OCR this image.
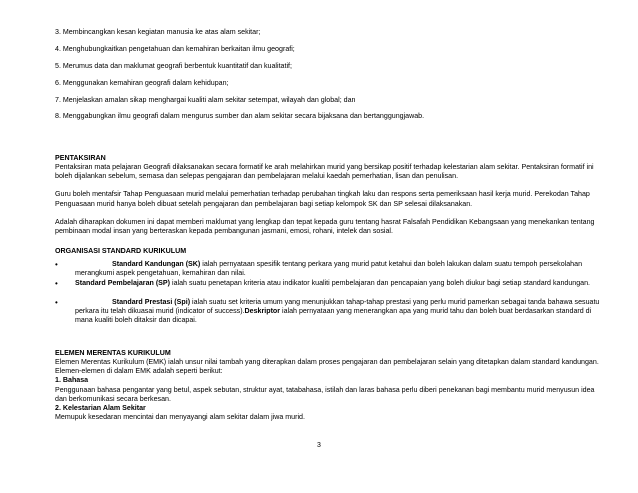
3. Membincangkan kesan kegiatan manusia ke atas alam sekitar;
4. Menghubungkaitkan pengetahuan dan kemahiran berkaitan ilmu geografi;
5. Merumus data dan maklumat geografi berbentuk kuantitatif dan kualitatif;
6. Menggunakan kemahiran geografi dalam kehidupan;
7. Menjelaskan amalan sikap menghargai kualiti alam sekitar setempat, wilayah dan global; dan
8. Menggabungkan ilmu geografi dalam mengurus sumber dan alam sekitar secara bijaksana dan bertanggungjawab.
PENTAKSIRAN
Pentaksiran mata pelajaran Geografi dilaksanakan secara formatif ke arah melahirkan murid yang bersikap positif terhadap kelestarian alam sekitar. Pentaksiran formatif ini
boleh dijalankan sebelum, semasa dan selepas pengajaran dan pembelajaran melalui kaedah pemerhatian, lisan dan penulisan.
Guru boleh mentafsir Tahap Penguasaan murid melalui pemerhatian terhadap perubahan tingkah laku dan respons serta pemeriksaan hasil kerja murid. Perekodan Tahap
Penguasaan murid hanya boleh dibuat setelah pengajaran dan pembelajaran bagi setiap kelompok SK dan SP selesai dilaksanakan.
Adalah diharapkan dokumen ini dapat memberi maklumat yang lengkap dan tepat kepada guru tentang hasrat Falsafah Pendidikan Kebangsaan yang menekankan tentang
pembinaan modal insan yang berteraskan kepada pembangunan jasmani, emosi, rohani, intelek dan sosial.
ORGANISASI STANDARD KURIKULUM
•	Standard Kandungan (SK) ialah pernyataan spesifik tentang perkara yang murid patut ketahui dan boleh lakukan dalam suatu tempoh persekolahan
merangkumi aspek pengetahuan, kemahiran dan nilai.
• Standard Pembelajaran (SP) ialah suatu penetapan kriteria atau indikator kualiti pembelajaran dan pencapaian yang boleh diukur bagi setiap standard kandungan.
•	Standard Prestasi (Spi) ialah suatu set kriteria umum yang menunjukkan tahap-tahap prestasi yang perlu murid pamerkan sebagai tanda bahawa sesuatu
perkara itu telah dikuasai murid (indicator of success).Deskriptor ialah pernyataan yang menerangkan apa yang murid tahu dan boleh buat berdasarkan standard di
mana kualiti boleh ditaksir dan dicapai.
ELEMEN MERENTAS KURIKULUM
Elemen Merentas Kurikulum (EMK) ialah unsur nilai tambah yang diterapkan dalam proses pengajaran dan pembelajaran selain yang ditetapkan dalam standard kandungan.
Elemen-elemen di dalam EMK adalah seperti berikut:
1. Bahasa
Penggunaan bahasa pengantar yang betul, aspek sebutan, struktur ayat, tatabahasa, istilah dan laras bahasa perlu diberi penekanan bagi membantu murid menyusun idea
dan berkomunikasi secara berkesan.
2. Kelestarian Alam Sekitar
Memupuk kesedaran mencintai dan menyayangi alam sekitar dalam jiwa murid.
3
